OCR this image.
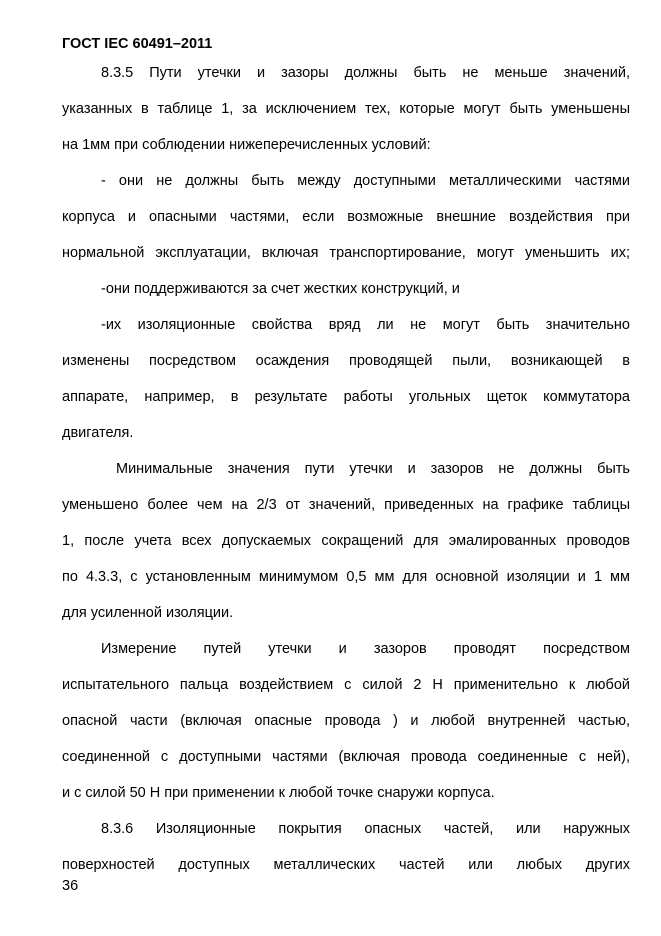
ГОСТ IEC 60491–2011
8.3.5 Пути утечки и зазоры должны быть не меньше значений,
указанных в таблице 1, за исключением тех, которые могут быть уменьшены
на 1мм при соблюдении нижеперечисленных условий:
- они не должны быть между доступными металлическими частями
корпуса и опасными частями, если возможные внешние воздействия при
нормальной эксплуатации, включая транспортирование, могут уменьшить их;
-они поддерживаются за счет жестких конструкций, и
-их изоляционные свойства вряд ли не могут быть значительно
изменены посредством осаждения проводящей пыли, возникающей в
аппарате, например, в результате работы угольных щеток коммутатора
двигателя.
Минимальные значения пути утечки и зазоров не должны быть
уменьшено более чем на 2/3 от значений, приведенных на графике таблицы
1, после учета всех допускаемых сокращений для эмалированных проводов
по 4.3.3, с установленным минимумом 0,5 мм для основной изоляции и 1 мм
для усиленной изоляции.
Измерение путей утечки и зазоров проводят посредством
испытательного пальца воздействием с силой 2 Н применительно к любой
опасной части (включая опасные провода ) и любой внутренней частью,
соединенной с доступными частями (включая провода соединенные с ней),
и с силой 50 Н при применении к любой точке снаружи корпуса.
8.3.6 Изоляционные покрытия опасных частей, или наружных
поверхностей доступных металлических частей или любых других
36
